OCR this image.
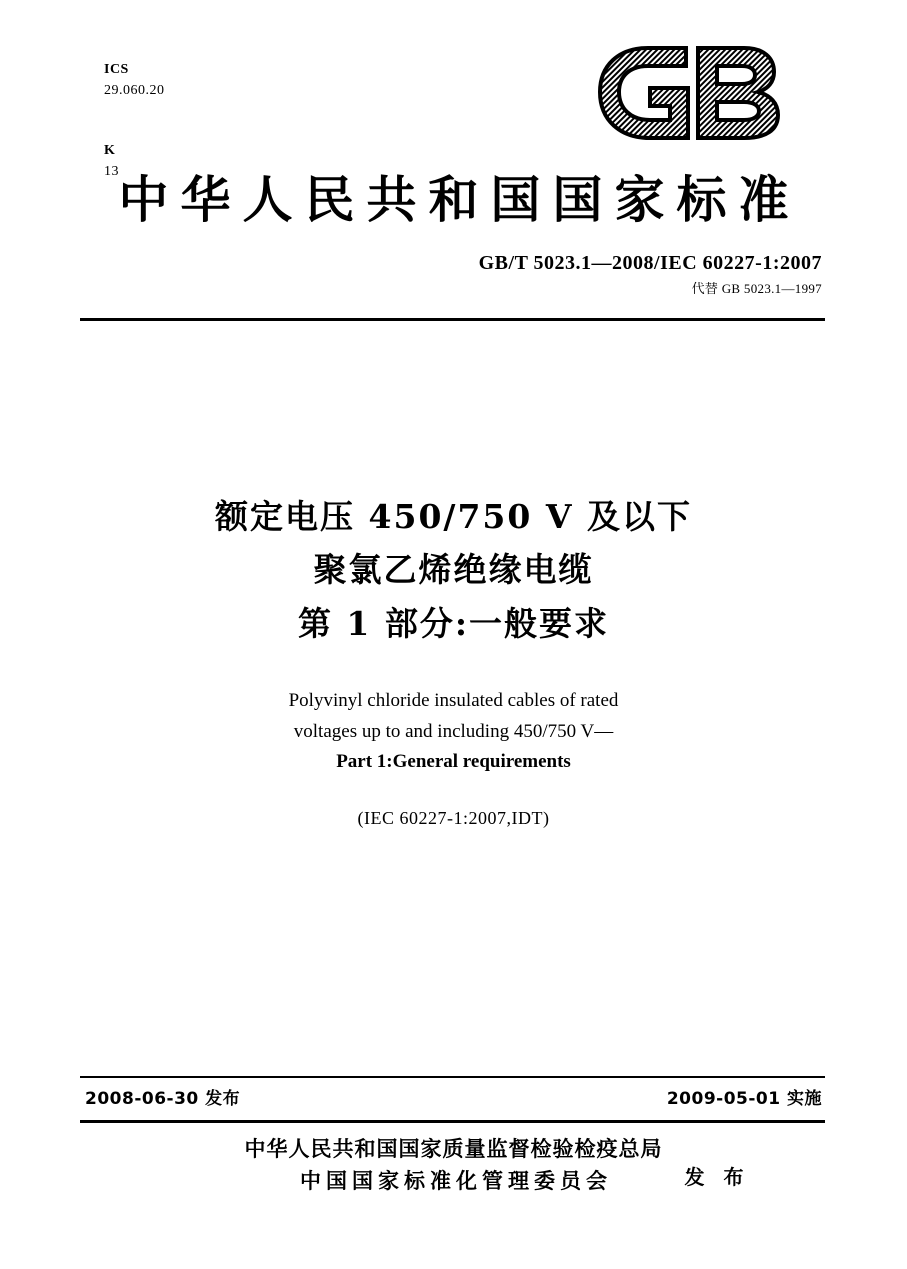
ICS
29.060.20

K
13
中华人民共和国国家标准
GB/T 5023.1—2008/IEC 60227-1:2007
代替 GB 5023.1—1997
额定电压 450/750 V 及以下
聚氯乙烯绝缘电缆
第 1 部分:一般要求
Polyvinyl chloride insulated cables of rated
voltages up to and including 450/750 V—
Part 1:General requirements
(IEC 60227-1:2007,IDT)
2008-06-30 发布	2009-05-01 实施
中华人民共和国国家质量监督检验检疫总局
中国国家标准化管理委员会	发 布
